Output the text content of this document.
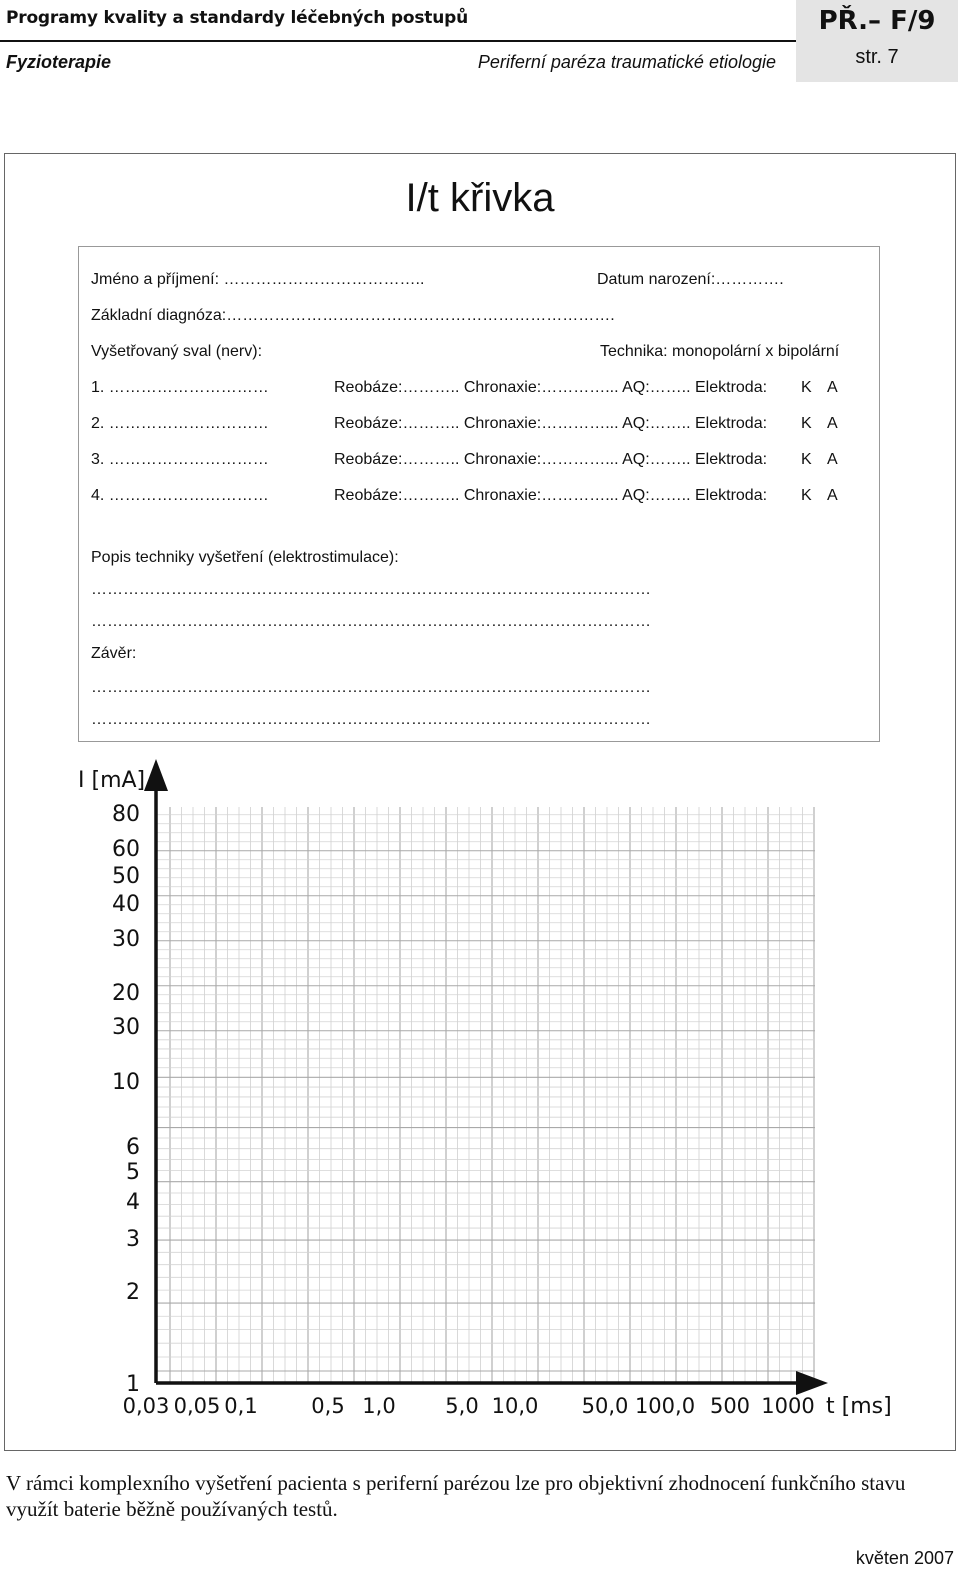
Programy kvality a standardy léčebných postupů
Fyzioterapie	Periferní paréza traumatické etiologie
PŘ.– F/9
str. 7
I/t křivka
Jméno a příjmení: ………………………………..	Datum narození:………….
Základní diagnóza:……………………………………………………………….
Vyšetřovaný sval (nerv):	Technika: monopolární x bipolární
1. …………………………	Reobáze:……….. Chronaxie:…………... AQ:…….. Elektroda: K A
2. …………………………	Reobáze:……….. Chronaxie:…………... AQ:…….. Elektroda: K A
3. …………………………	Reobáze:……….. Chronaxie:…………... AQ:…….. Elektroda: K A
4. …………………………	Reobáze:……….. Chronaxie:…………... AQ:…….. Elektroda: K A
Popis techniky vyšetření (elektrostimulace):
……………………………………………………………………………………………
……………………………………………………………………………………………
Závěr:
……………………………………………………………………………………………
……………………………………………………………………………………………
I [mA]
t [ms]
80
60
50
40
30
20
30
10
6
5
4
3
2
1
0,03 0,05 0,1	0,5 1,0 5,0 10,0 50,0 100,0 500 1000
V rámci komplexního vyšetření pacienta s periferní parézou lze pro objektivní zhodnocení funkčního stavu využít baterie běžně používaných testů.
květen 2007
